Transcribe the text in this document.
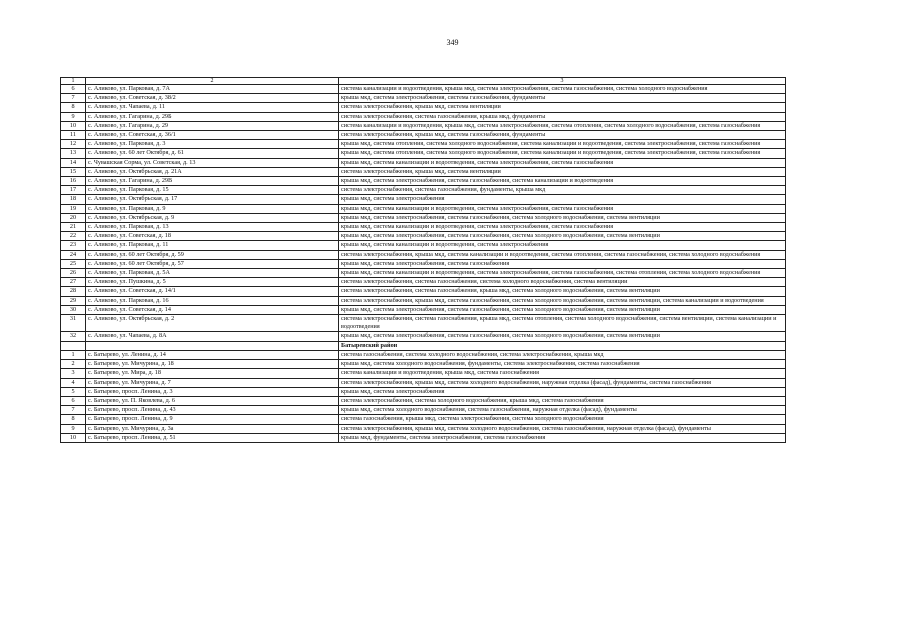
349
1	2	3
6	с. Аликово, ул. Парковая, д. 7А	система канализации и водоотведения, крыша мкд, система электроснабжения, система газоснабжения, система холодного водоснабжения
7	с. Аликово, ул. Советская, д. 38/2	крыша мкд, система электроснабжения, система газоснабжения, фундаменты
8	с. Аликово, ул. Чапаева, д. 11	система электроснабжения, крыша мкд, система вентиляции
9	с. Аликово, ул. Гагарина, д. 29Б	система электроснабжения, система газоснабжения, крыша мкд, фундаменты
10	с. Аликово, ул. Гагарина, д. 29	система канализации и водоотведения, крыша мкд, система электроснабжения, система отопления, система холодного водоснабжения, система газоснабжения
11	с. Аликово, ул. Советская, д. 36/1	система электроснабжения, крыша мкд, система газоснабжения, фундаменты
12	с. Аликово, ул. Парковая, д. 3	крыша мкд, система отопления, система холодного водоснабжения, система канализации и водоотведения, система электроснабжения, система газоснабжения
13	с. Аликово, ул. 60 лет Октября, д. 61	крыша мкд, система отопления, система холодного водоснабжения, система канализации и водоотведения, система электроснабжения, система газоснабжения
14	с. Чувашская Сорма, ул. Советская, д. 13	крыша мкд, система канализации и водоотведения, система электроснабжения, система газоснабжения
15	с. Аликово, ул. Октябрьская, д. 21А	система электроснабжения, крыша мкд, система вентиляции
16	с. Аликово, ул. Гагарина, д. 29В	крыша мкд, система электроснабжения, система газоснабжения, система канализации и водоотведения
17	с. Аликово, ул. Парковая, д. 15	система электроснабжения, система газоснабжения, фундаменты, крыша мкд
18	с. Аликово, ул. Октябрьская, д. 17	крыша мкд, система электроснабжения
19	с. Аликово, ул. Парковая, д. 9	крыша мкд, система канализации и водоотведения, система электроснабжения, система газоснабжения
20	с. Аликово, ул. Октябрьская, д. 9	крыша мкд, система электроснабжения, система газоснабжения, система холодного водоснабжения, система вентиляции
21	с. Аликово, ул. Парковая, д. 13	крыша мкд, система канализации и водоотведения, система электроснабжения, система газоснабжения
22	с. Аликово, ул. Советская, д. 18	крыша мкд, система электроснабжения, система газоснабжения, система холодного водоснабжения, система вентиляции
23	с. Аликово, ул. Парковая, д. 11	крыша мкд, система канализации и водоотведения, система электроснабжения
24	с. Аликово, ул. 60 лет Октября, д. 59	система электроснабжения, крыша мкд, система канализации и водоотведения, система отопления, система газоснабжения, система холодного водоснабжения
25	с. Аликово, ул. 60 лет Октября, д. 57	крыша мкд, система электроснабжения, система газоснабжения
26	с. Аликово, ул. Парковая, д. 5А	крыша мкд, система канализации и водоотведения, система электроснабжения, система газоснабжения, система отопления, система холодного водоснабжения
27	с. Аликово, ул. Пушкина, д. 5	система электроснабжения, система газоснабжения, система холодного водоснабжения, система вентиляции
28	с. Аликово, ул. Советская, д. 14/1	система электроснабжения, система газоснабжения, крыша мкд, система холодного водоснабжения, система вентиляции
29	с. Аликово, ул. Парковая, д. 16	система электроснабжения, крыша мкд, система газоснабжения, система холодного водоснабжения, система вентиляции, система канализации и водоотведения
30	с. Аликово, ул. Советская, д. 14	крыша мкд, система электроснабжения, система газоснабжения, система холодного водоснабжения, система вентиляции
31	с. Аликово, ул. Октябрьская, д. 2	система электроснабжения, система газоснабжения, крыша мкд, система отопления, система холодного водоснабжения, система вентиляции, система канализации и водоотведения
32	с. Аликово, ул. Чапаева, д. 8А	крыша мкд, система электроснабжения, система газоснабжения, система холодного водоснабжения, система вентиляции
		Батыревский район
1	с. Батырево, ул. Ленина, д. 14	система газоснабжения, система холодного водоснабжения, система электроснабжения, крыша мкд
2	с. Батырево, ул. Мичурина, д. 18	крыша мкд, система холодного водоснабжения, фундаменты, система электроснабжения, система газоснабжения
3	с. Батырево, ул. Мира, д. 18	система канализации и водоотведения, крыша мкд, система газоснабжения
4	с. Батырево, ул. Мичурина, д. 7	система электроснабжения, крыша мкд, система холодного водоснабжения, наружная отделка (фасад), фундаменты, система газоснабжения
5	с. Батырево, просп. Ленина, д. 3	крыша мкд, система электроснабжения
6	с. Батырево, ул. П. Яковлева, д. 6	система электроснабжения, система холодного водоснабжения, крыша мкд, система газоснабжения
7	с. Батырево, просп. Ленина, д. 43	крыша мкд, система холодного водоснабжения, система газоснабжения, наружная отделка (фасад), фундаменты
8	с. Батырево, просп. Ленина, д. 9	система газоснабжения, крыша мкд, система электроснабжения, система холодного водоснабжения
9	с. Батырево, ул. Мичурина, д. 3а	система электроснабжения, крыша мкд, система холодного водоснабжения, система газоснабжения, наружная отделка (фасад), фундаменты
10	с. Батырево, просп. Ленина, д. 51	крыша мкд, фундаменты, система электроснабжения, система газоснабжения
